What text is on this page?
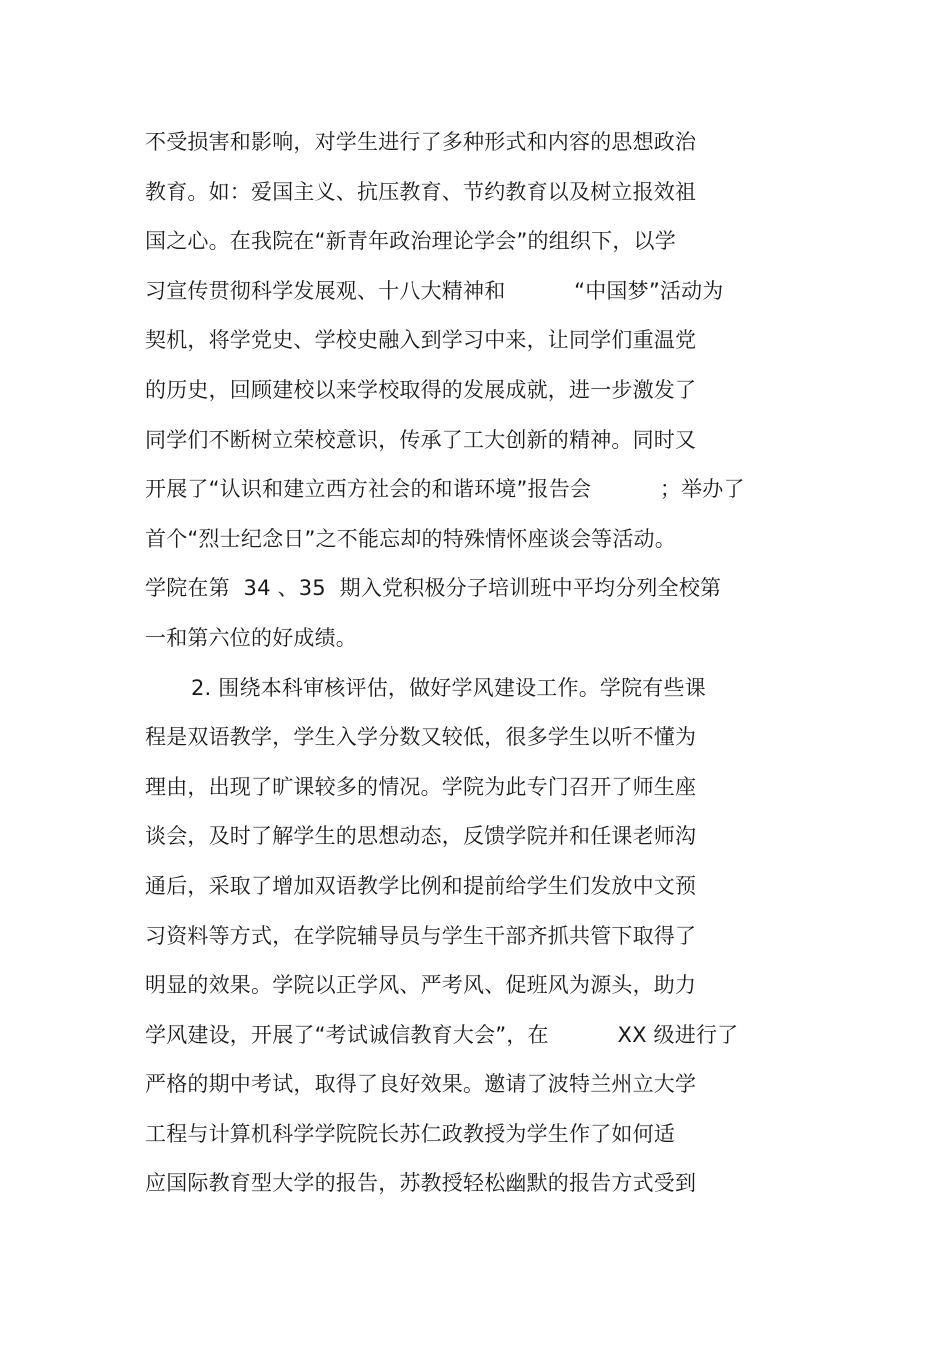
不受损害和影响，对学生进行了多种形式和内容的思想政治
教育。如：爱国主义、抗压教育、节约教育以及树立报效祖
国之心。在我院在“新青年政治理论学会”的组织下，以学
习宣传贯彻科学发展观、十八大精神和          “中国梦”活动为
契机，将学党史、学校史融入到学习中来，让同学们重温党
的历史，回顾建校以来学校取得的发展成就，进一步激发了
同学们不断树立荣校意识，传承了工大创新的精神。同时又
开展了“认识和建立西方社会的和谐环境”报告会          ；举办了
首个“烈士纪念日”之不能忘却的特殊情怀座谈会等活动。
学院在第  34 、35  期入党积极分子培训班中平均分列全校第
一和第六位的好成绩。
2. 围绕本科审核评估，做好学风建设工作。学院有些课
程是双语教学，学生入学分数又较低，很多学生以听不懂为
理由，出现了旷课较多的情况。学院为此专门召开了师生座
谈会，及时了解学生的思想动态，反馈学院并和任课老师沟
通后，采取了增加双语教学比例和提前给学生们发放中文预
习资料等方式，在学院辅导员与学生干部齐抓共管下取得了
明显的效果。学院以正学风、严考风、促班风为源头，助力
学风建设，开展了“考试诚信教育大会”，在          XX 级进行了
严格的期中考试，取得了良好效果。邀请了波特兰州立大学
工程与计算机科学学院院长苏仁政教授为学生作了如何适
应国际教育型大学的报告，苏教授轻松幽默的报告方式受到
